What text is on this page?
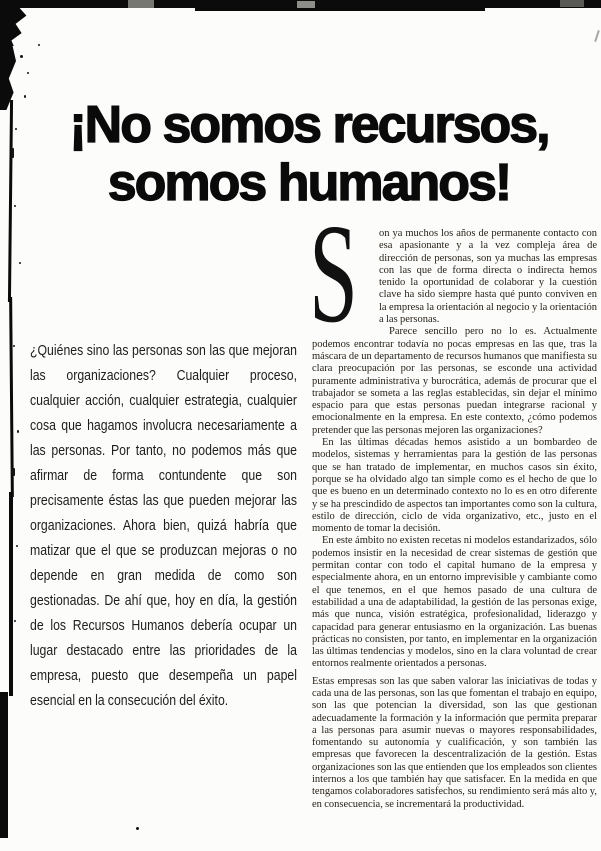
¡No somos recursos,
somos humanos!
¿Quiénes sino las personas son las que mejoran las organizaciones? Cualquier proceso, cualquier acción, cualquier estrategia, cualquier cosa que hagamos involucra necesariamente a las personas. Por tanto, no podemos más que afirmar de forma contundente que son precisamente éstas las que pueden mejorar las organizaciones. Ahora bien, quizá habría que matizar que el que se produzcan mejoras o no depende en gran medida de como son gestionadas. De ahí que, hoy en día, la gestión de los Recursos Humanos debería ocupar un lugar destacado entre las prioridades de la empresa, puesto que desempeña un papel esencial en la consecución del éxito.

S on ya muchos los años de permanente contacto con esa apasionante y a la vez compleja área de dirección de personas, son ya muchas las empresas con las que de forma directa o indirecta hemos tenido la oportunidad de colaborar y la cuestión clave ha sido siempre hasta qué punto conviven en la empresa la orientación al negocio y la orientación a las personas.

Parece sencillo pero no lo es. Actualmente podemos encontrar todavía no pocas empresas en las que, tras la máscara de un departamento de recursos humanos que manifiesta su clara preocupación por las personas, se esconde una actividad puramente administrativa y burocrática, además de procurar que el trabajador se someta a las reglas establecidas, sin dejar el mínimo espacio para que estas personas puedan integrarse racional y emocionalmente en la empresa. En este contexto, ¿cómo podemos pretender que las personas mejoren las organizaciones?

En las últimas décadas hemos asistido a un bombardeo de modelos, sistemas y herramientas para la gestión de las personas que se han tratado de implementar, en muchos casos sin éxito, porque se ha olvidado algo tan simple como es el hecho de que lo que es bueno en un determinado contexto no lo es en otro diferente y se ha prescindido de aspectos tan importantes como son la cultura, estilo de dirección, ciclo de vida organizativo, etc., justo en el momento de tomar la decisión.

En este ámbito no existen recetas ni modelos estandarizados, sólo podemos insistir en la necesidad de crear sistemas de gestión que permitan contar con todo el capital humano de la empresa y especialmente ahora, en un entorno imprevisible y cambiante como el que tenemos, en el que hemos pasado de una cultura de estabilidad a una de adaptabilidad, la gestión de las personas exige, más que nunca, visión estratégica, profesionalidad, liderazgo y capacidad para generar entusiasmo en la organización. Las buenas prácticas no consisten, por tanto, en implementar en la organización las últimas tendencias y modelos, sino en la clara voluntad de crear entornos realmente orientados a personas.

Estas empresas son las que saben valorar las iniciativas de todas y cada una de las personas, son las que fomentan el trabajo en equipo, son las que potencian la diversidad, son las que gestionan adecuadamente la formación y la información que permita preparar a las personas para asumir nuevas o mayores responsabilidades, fomentando su autonomía y cualificación, y son también las empresas que favorecen la descentralización de la gestión. Estas organizaciones son las que entienden que los empleados son clientes internos a los que también hay que satisfacer. En la medida en que tengamos colaboradores satisfechos, su rendimiento será más alto y, en consecuencia, se incrementará la productividad.
